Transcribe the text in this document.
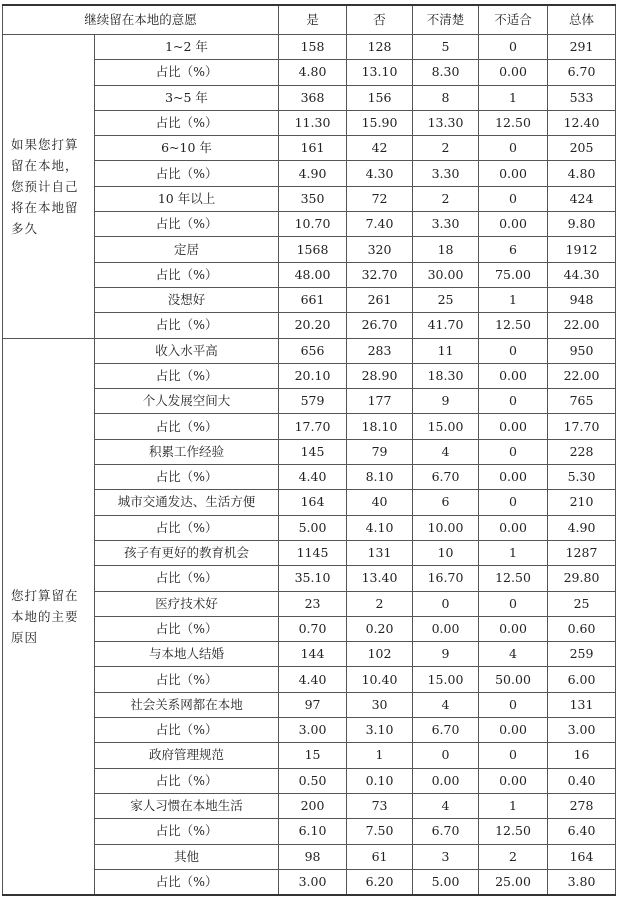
继续留在本地的意愿		是	否	不清楚	不适合	总体
如果您打算留在本地，您预计自己将在本地留多久	1~2 年	158	128	5	0	291
	占比（%）	4.80	13.10	8.30	0.00	6.70
	3~5 年	368	156	8	1	533
	占比（%）	11.30	15.90	13.30	12.50	12.40
	6~10 年	161	42	2	0	205
	占比（%）	4.90	4.30	3.30	0.00	4.80
	10 年以上	350	72	2	0	424
	占比（%）	10.70	7.40	3.30	0.00	9.80
	定居	1568	320	18	6	1912
	占比（%）	48.00	32.70	30.00	75.00	44.30
	没想好	661	261	25	1	948
	占比（%）	20.20	26.70	41.70	12.50	22.00
您打算留在本地的主要原因	收入水平高	656	283	11	0	950
	占比（%）	20.10	28.90	18.30	0.00	22.00
	个人发展空间大	579	177	9	0	765
	占比（%）	17.70	18.10	15.00	0.00	17.70
	积累工作经验	145	79	4	0	228
	占比（%）	4.40	8.10	6.70	0.00	5.30
	城市交通发达、生活方便	164	40	6	0	210
	占比（%）	5.00	4.10	10.00	0.00	4.90
	孩子有更好的教育机会	1145	131	10	1	1287
	占比（%）	35.10	13.40	16.70	12.50	29.80
	医疗技术好	23	2	0	0	25
	占比（%）	0.70	0.20	0.00	0.00	0.60
	与本地人结婚	144	102	9	4	259
	占比（%）	4.40	10.40	15.00	50.00	6.00
	社会关系网都在本地	97	30	4	0	131
	占比（%）	3.00	3.10	6.70	0.00	3.00
	政府管理规范	15	1	0	0	16
	占比（%）	0.50	0.10	0.00	0.00	0.40
	家人习惯在本地生活	200	73	4	1	278
	占比（%）	6.10	7.50	6.70	12.50	6.40
	其他	98	61	3	2	164
	占比（%）	3.00	6.20	5.00	25.00	3.80
